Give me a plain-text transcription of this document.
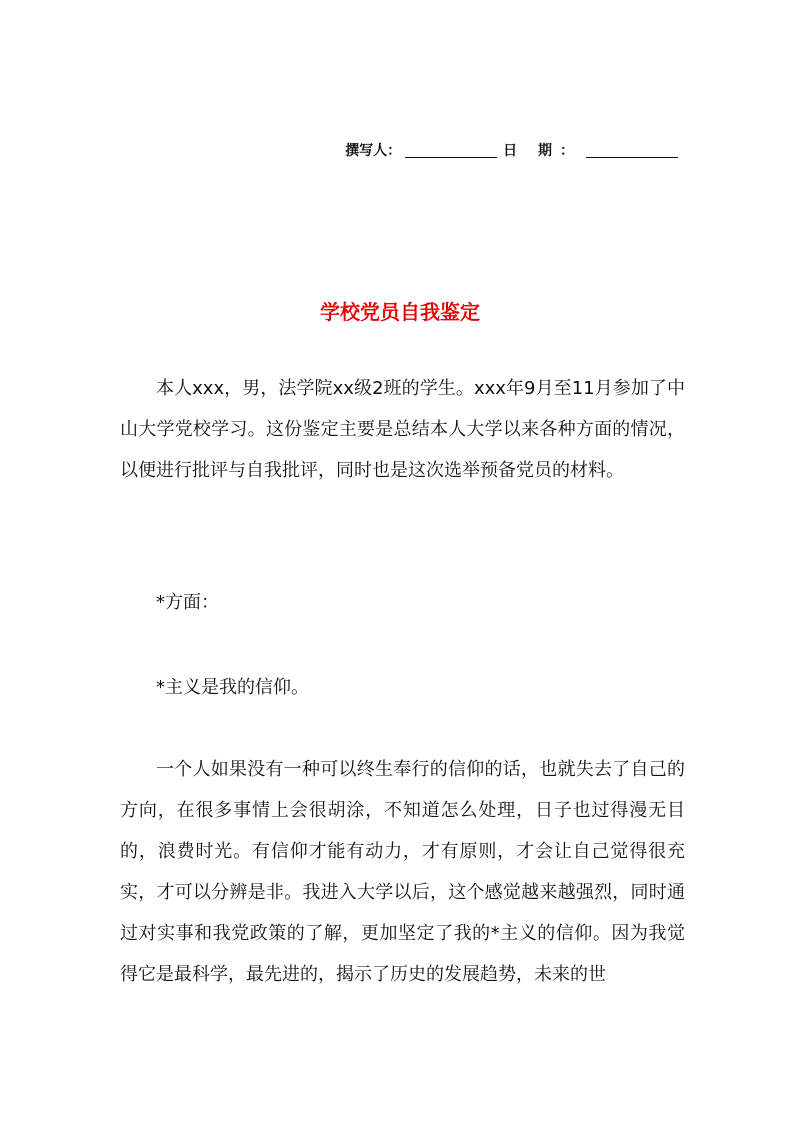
撰写人：	日 期：
学校党员自我鉴定

本人xxx，男，法学院xx级2班的学生。xxx年9月至11月参加了中山大学党校学习。这份鉴定主要是总结本人大学以来各种方面的情况，以便进行批评与自我批评，同时也是这次选举预备党员的材料。

*方面：

*主义是我的信仰。

一个人如果没有一种可以终生奉行的信仰的话，也就失去了自己的方向，在很多事情上会很胡涂，不知道怎么处理，日子也过得漫无目的，浪费时光。有信仰才能有动力，才有原则，才会让自己觉得很充实，才可以分辨是非。我进入大学以后，这个感觉越来越强烈，同时通过对实事和我党政策的了解，更加坚定了我的*主义的信仰。因为我觉得它是最科学，最先进的，揭示了历史的发展趋势，未来的世
